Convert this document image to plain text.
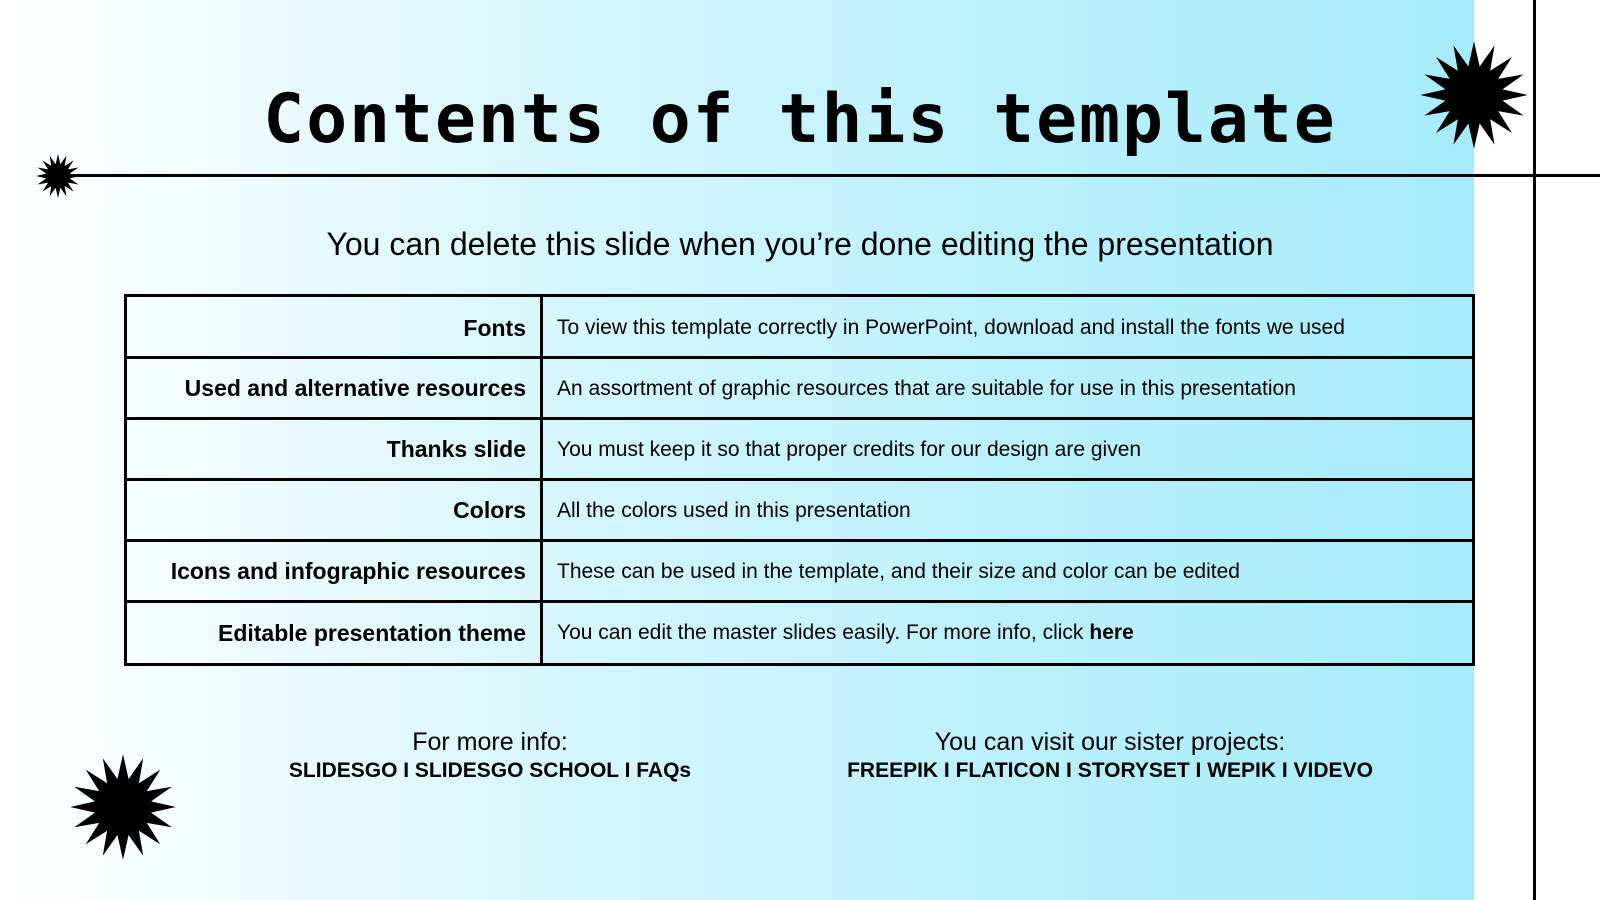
Contents of this template

You can delete this slide when you’re done editing the presentation

Fonts	To view this template correctly in PowerPoint, download and install the fonts we used
Used and alternative resources	An assortment of graphic resources that are suitable for use in this presentation
Thanks slide	You must keep it so that proper credits for our design are given
Colors	All the colors used in this presentation
Icons and infographic resources	These can be used in the template, and their size and color can be edited
Editable presentation theme	You can edit the master slides easily. For more info, click here
For more info:
SLIDESGO I SLIDESGO SCHOOL I FAQs
You can visit our sister projects:
FREEPIK I FLATICON I STORYSET I WEPIK I VIDEVO
